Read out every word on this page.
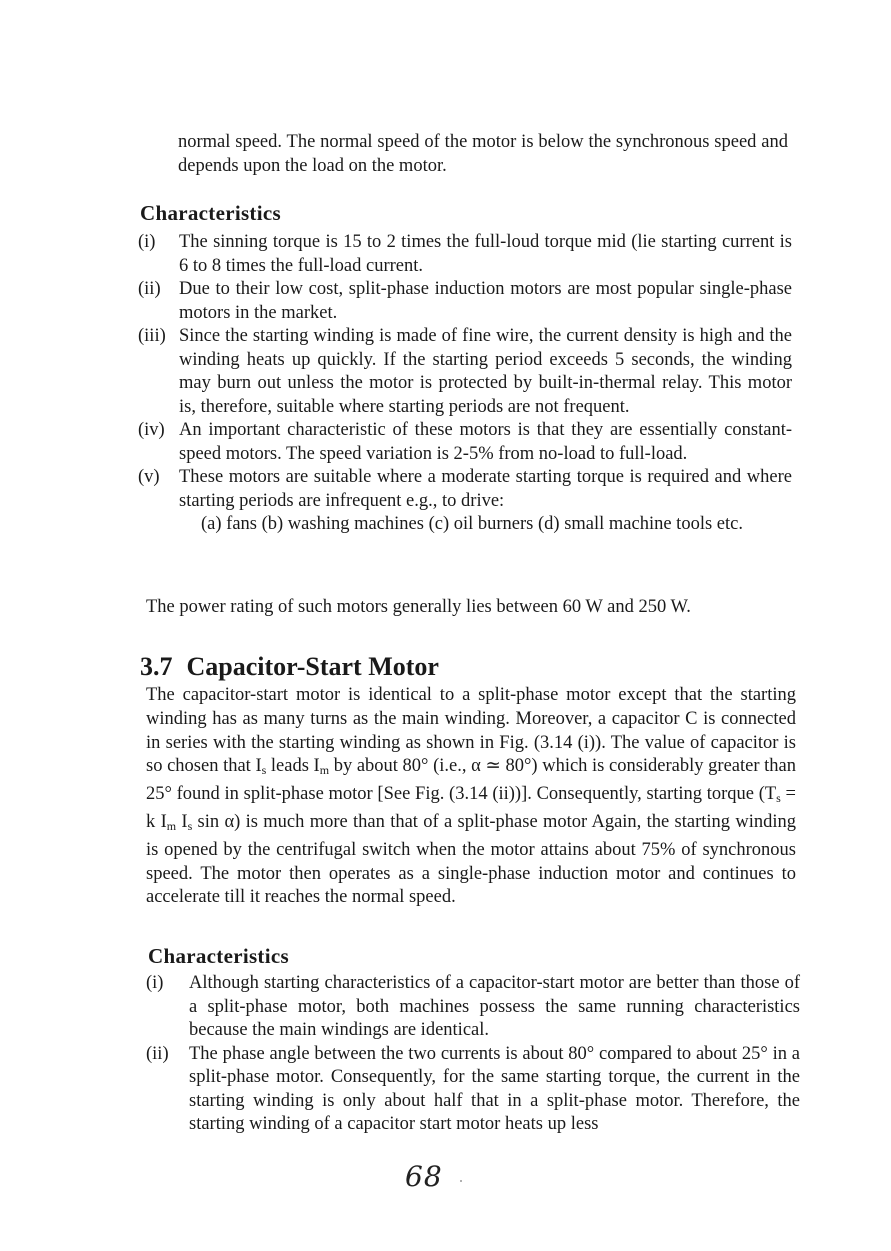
normal speed. The normal speed of the motor is below the synchronous speed and depends upon the load on the motor.

Characteristics
(i) The sinning torque is 15 to 2 times the full-loud torque mid (lie starting current is 6 to 8 times the full-load current.
(ii) Due to their low cost, split-phase induction motors are most popular single-phase motors in the market.
(iii) Since the starting winding is made of fine wire, the current density is high and the winding heats up quickly. If the starting period exceeds 5 seconds, the winding may burn out unless the motor is protected by built-in-thermal relay. This motor is, therefore, suitable where starting periods are not frequent.
(iv) An important characteristic of these motors is that they are essentially constant-speed motors. The speed variation is 2-5% from no-load to full-load.
(v) These motors are suitable where a moderate starting torque is required and where starting periods are infrequent e.g., to drive:
(a) fans (b) washing machines (c) oil burners (d) small machine tools etc.

The power rating of such motors generally lies between 60 W and 250 W.

3.7 Capacitor-Start Motor

The capacitor-start motor is identical to a split-phase motor except that the starting winding has as many turns as the main winding. Moreover, a capacitor C is connected in series with the starting winding as shown in Fig. (3.14 (i)). The value of capacitor is so chosen that $I_s$ leads $I_m$ by about 80° (i.e., α ≃ 80°) which is considerably greater than 25° found in split-phase motor [See Fig. (3.14 (ii))]. Consequently, starting torque ($T_s = k$ $I_m$ $I_s$ sin α) is much more than that of a split-phase motor Again, the starting winding is opened by the centrifugal switch when the motor attains about 75% of synchronous speed. The motor then operates as a single-phase induction motor and continues to accelerate till it reaches the normal speed.

Characteristics
(i) Although starting characteristics of a capacitor-start motor are better than those of a split-phase motor, both machines possess the same running characteristics because the main windings are identical.
(ii) The phase angle between the two currents is about 80° compared to about 25° in a split-phase motor. Consequently, for the same starting torque, the current in the starting winding is only about half that in a split-phase motor. Therefore, the starting winding of a capacitor start motor heats up less
68
